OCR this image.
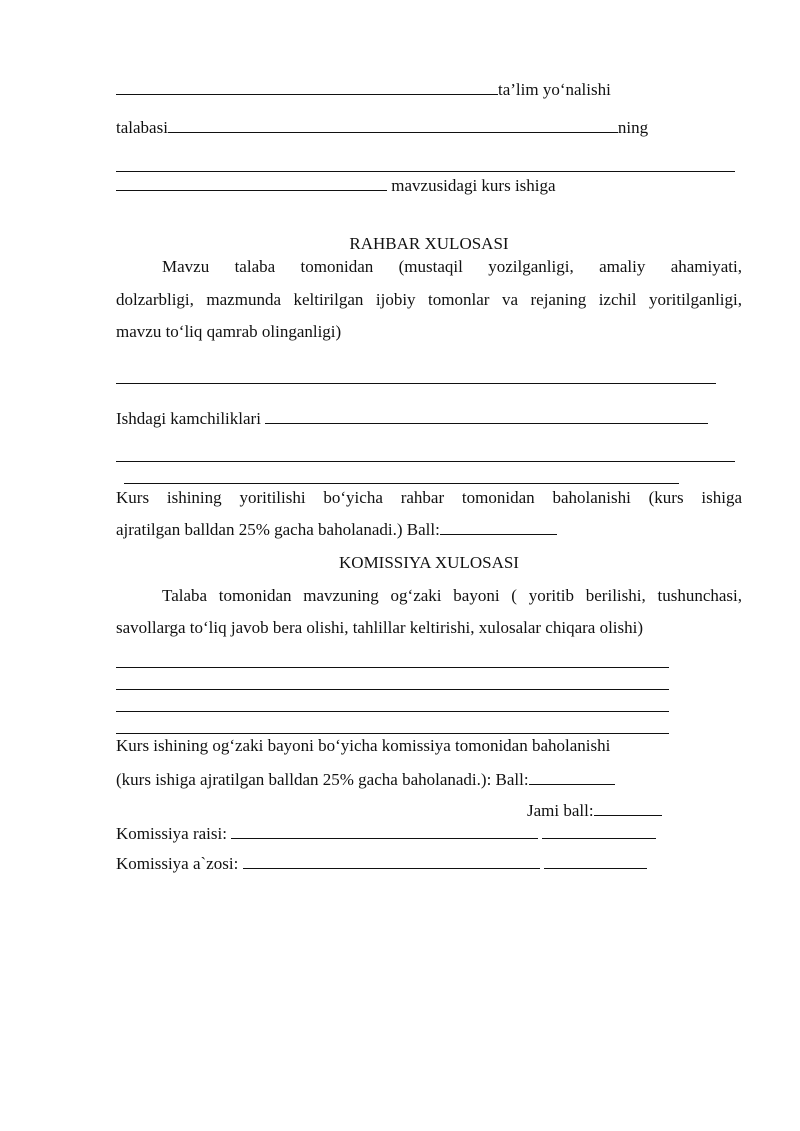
ta’lim yo‘nalishi
talabasi	ning
mavzusidagi kurs ishiga
RAHBAR XULOSASI
Mavzu talaba tomonidan (mustaqil yozilganligi, amaliy ahamiyati,
dolzarbligi, mazmunda keltirilgan ijobiy tomonlar va rejaning izchil yoritilganligi,
mavzu to‘liq qamrab olinganligi)
Ishdagi kamchiliklari
Kurs ishining yoritilishi bo‘yicha rahbar tomonidan baholanishi (kurs ishiga
ajratilgan balldan 25% gacha baholanadi.) Ball:
KOMISSIYA XULOSASI
Talaba tomonidan mavzuning og‘zaki bayoni ( yoritib berilishi, tushunchasi,
savollarga to‘liq javob bera olishi, tahlillar keltirishi, xulosalar chiqara olishi)
Kurs ishining og‘zaki bayoni bo‘yicha komissiya tomonidan baholanishi
(kurs ishiga ajratilgan balldan 25% gacha baholanadi.): Ball:
Jami ball:
Komissiya raisi:
Komissiya a`zosi:
